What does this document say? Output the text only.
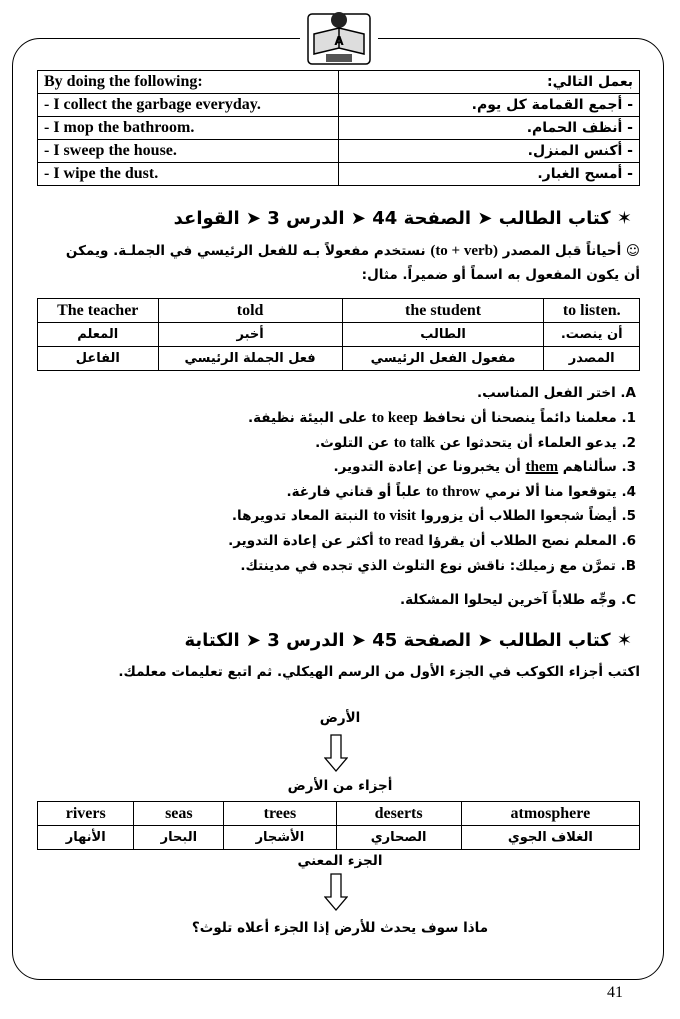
A
By doing the following:	بعمل التالي:
- I collect the garbage everyday.	- أجمع القمامة كل يوم.
- I mop the bathroom.	- أنظف الحمام.
- I sweep the house.	- أكنس المنزل.
- I wipe the dust.	- أمسح الغبار.
✶ كتاب الطالب ➤ الصفحة 44 ➤ الدرس 3 ➤ القواعد
☺ أحياناً قبل المصدر (to + verb) نستخدم مفعولاً بـه للفعل الرئيسي في الجملـة. ويمكن
أن يكون المفعول به اسماً أو ضميراً. مثال:
The teacher	told	the student	to listen.
المعلم	أخبر	الطالب	أن ينصت.
الفاعل	فعل الجملة الرئيسي	مفعول الفعل الرئيسي	المصدر
A. اختر الفعل المناسب.
1. معلمنا دائماً ينصحنا أن نحافظ to keep على البيئة نظيفة.
2. يدعو العلماء أن يتحدثوا عن to talk عن التلوث.
3. سألناهم them أن يخبرونا عن إعادة التدوير.
4. يتوقعوا منا ألا نرمي to throw علباً أو قناني فارغة.
5. أيضاً شجعوا الطلاب أن يزوروا to visit النبتة المعاد تدويرها.
6. المعلم نصح الطلاب أن يقرؤا to read أكثر عن إعادة التدوير.
B. تمرَّن مع زميلك: ناقش نوع التلوث الذي تجده في مدينتك.
C. وجِّه طلاباً آخرين ليحلوا المشكلة.
✶ كتاب الطالب ➤ الصفحة 45 ➤ الدرس 3 ➤ الكتابة
اكتب أجزاء الكوكب في الجزء الأول من الرسم الهيكلي. ثم اتبع تعليمات معلمك.
الأرض
أجزاء من الأرض
rivers	seas	trees	deserts	atmosphere
الأنهار	البحار	الأشجار	الصحاري	الغلاف الجوي
الجزء المعني
ماذا سوف يحدث للأرض إذا الجزء أعلاه تلوث؟
41
